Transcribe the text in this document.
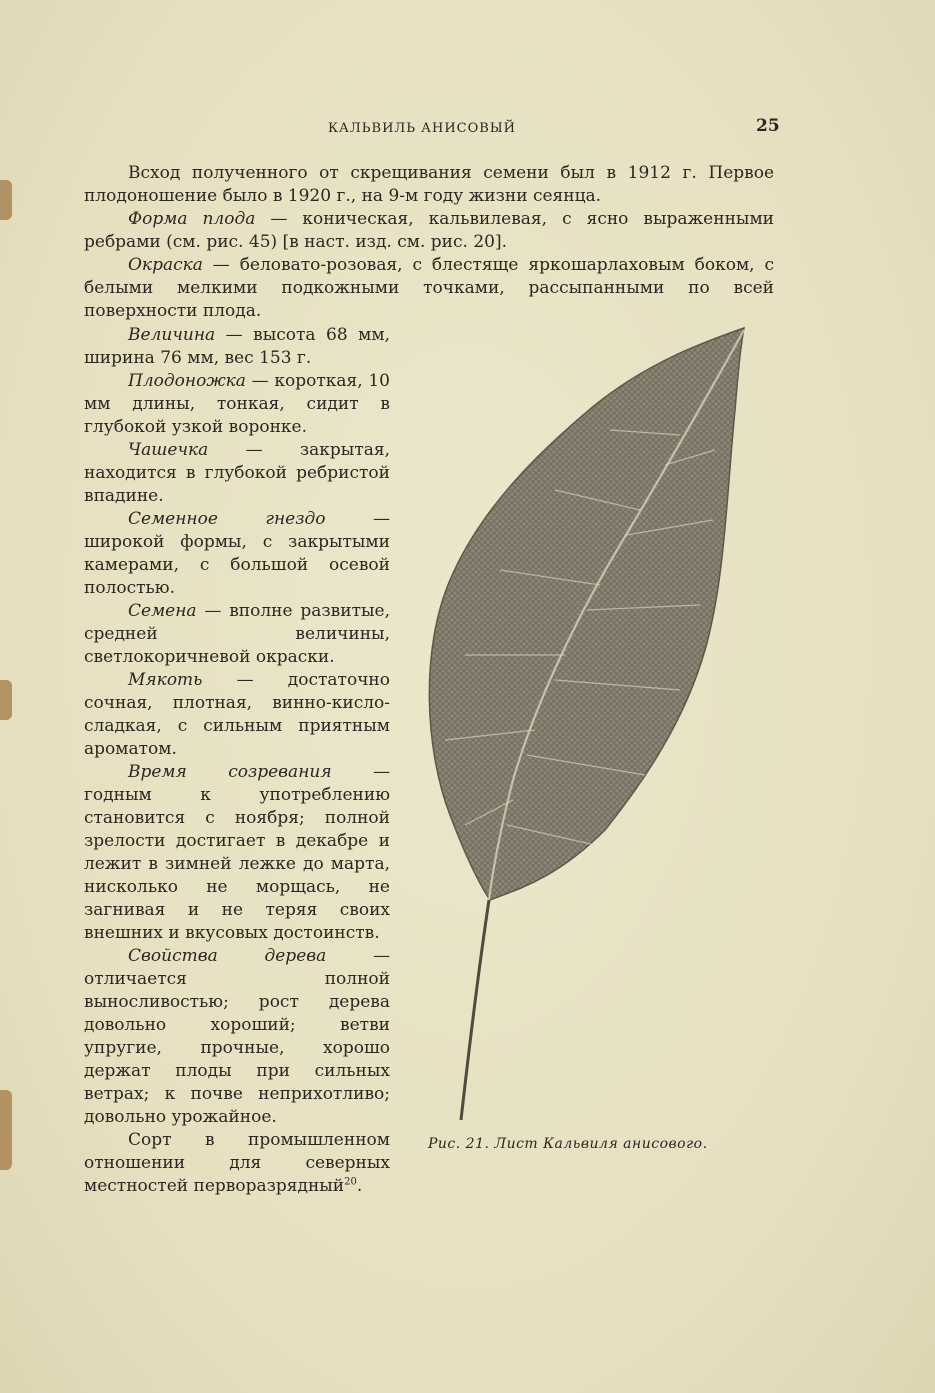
КАЛЬВИЛЬ АНИСОВЫЙ	25

Всход полученного от скрещивания семени был в 1912 г. Первое плодоношение было в 1920 г., на 9-м году жизни сеянца.

Форма плода — коническая, кальвилевая, с ясно выраженными ребрами (см. рис. 45) [в наст. изд. см. рис. 20].

Окраска — беловато-розовая, с блестяще яркошарлаховым боком, с белыми мелкими подкожными точками, рассыпанными по всей поверхности плода.

Величина — высота 68 мм, ширина 76 мм, вес 153 г.

Плодоножка — короткая, 10 мм длины, тонкая, сидит в глубокой узкой воронке.

Чашечка — закрытая, находится в глубокой ребристой впадине.

Семенное гнездо — широкой формы, с закрытыми камерами, с большой осевой полостью.

Семена — вполне развитые, средней величины, светлокоричневой окраски.

Мякоть — достаточно сочная, плотная, винно-кисло-сладкая, с сильным приятным ароматом.

Время созревания — годным к употреблению становится с ноября; полной зрелости достигает в декабре и лежит в зимней лежке до марта, нисколько не морщась, не загнивая и не теряя своих внешних и вкусовых достоинств.

Свойства дерева — отличается полной выносливостью; рост дерева довольно хороший; ветви упругие, прочные, хорошо держат плоды при сильных ветрах; к почве неприхотливо; довольно урожайное.

Сорт в промышленном отношении для северных местностей перворазрядный$^{20}$.

Рис. 21. Лист Кальвиля анисового.
